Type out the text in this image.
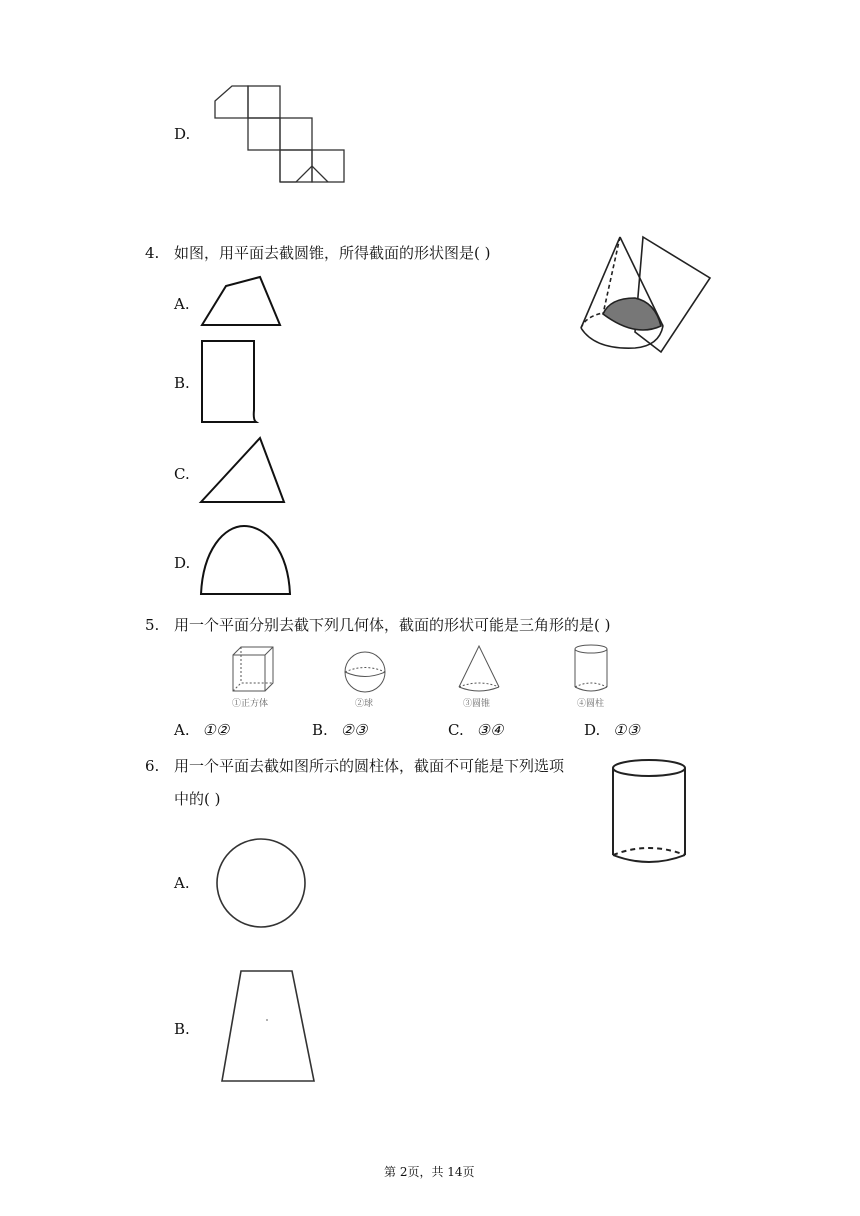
D.
4. 如图，用平面去截圆锥，所得截面的形状图是( )
A.
B.
C.
D.
5. 用一个平面分别去截下列几何体，截面的形状可能是三角形的是( )
①正方体	②球	③圆锥	④圆柱
A. ①②	B. ②③	C. ③④	D. ①③
6. 用一个平面去截如图所示的圆柱体，截面不可能是下列选项
中的( )
A.
B.
第 2页，共 14页
